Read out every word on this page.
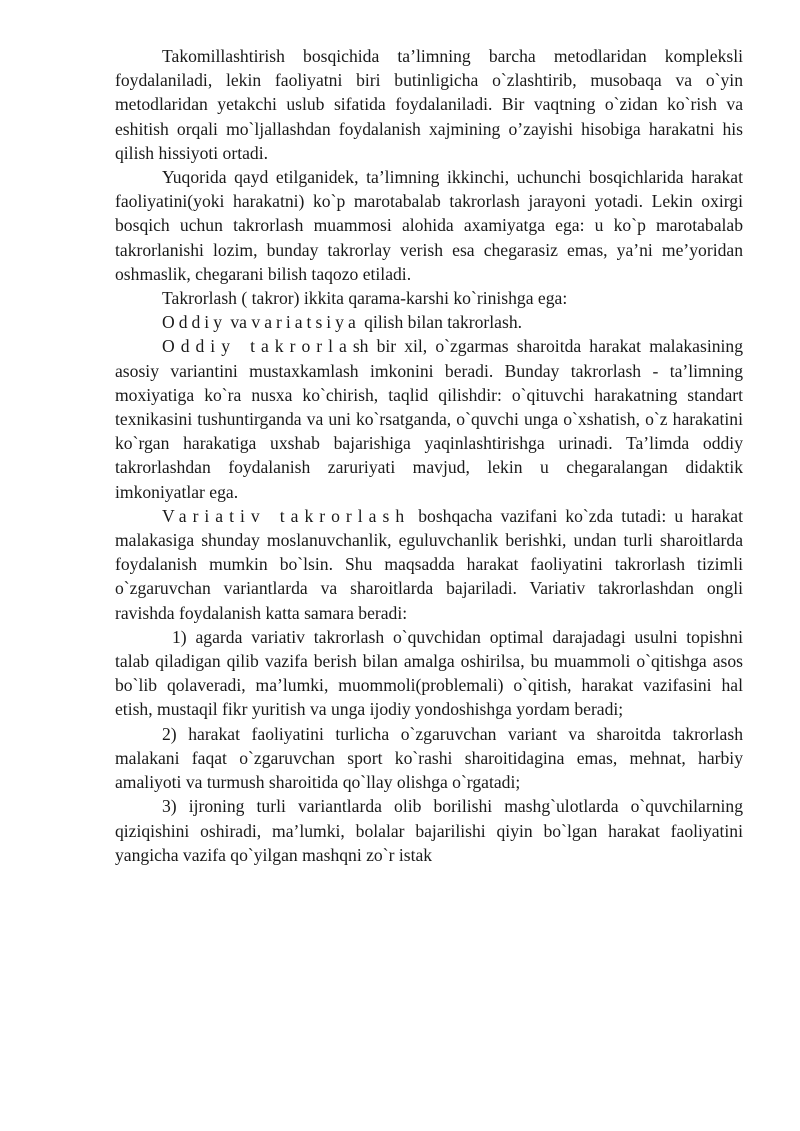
Takomillashtirish bosqichida ta’limning barcha metodlaridan kompleksli foydalaniladi, lekin faoliyatni biri butinligicha o`zlashtirib, musobaqa va o`yin metodlaridan yetakchi uslub sifatida foydalaniladi. Bir vaqtning o`zidan ko`rish va eshitish orqali mo`ljallashdan foydalanish xajmining o’zayishi hisobiga harakatni his qilish hissiyoti ortadi.

Yuqorida qayd etilganidek, ta’limning ikkinchi, uchunchi bosqichlarida harakat faoliyatini(yoki harakatni) ko`p marotabalab takrorlash jarayoni yotadi. Lekin oxirgi bosqich uchun takrorlash muammosi alohida axamiyatga ega: u ko`p marotabalab takrorlanishi lozim, bunday takrorlay verish esa chegarasiz emas, ya’ni me’yoridan oshmaslik, chegarani bilish taqozo etiladi.

Takrorlash ( takror) ikkita qarama-karshi ko`rinishga ega:

Oddiy va variatsiya qilish bilan takrorlash.

Oddiy takrorlash bir xil, o`zgarmas sharoitda harakat malakasining asosiy variantini mustaxkamlash imkonini beradi. Bunday takrorlash - ta’limning moxiyatiga ko`ra nusxa ko`chirish, taqlid qilishdir: o`qituvchi harakatning standart texnikasini tushuntirganda va uni ko`rsatganda, o`quvchi unga o`xshatish, o`z harakatini ko`rgan harakatiga uxshab bajarishiga yaqinlashtirishga urinadi. Ta’limda oddiy takrorlashdan foydalanish zaruriyati mavjud, lekin u chegaralangan didaktik imkoniyatlar ega.

Variativ takrorlash boshqacha vazifani ko`zda tutadi: u harakat malakasiga shunday moslanuvchanlik, eguluvchanlik berishki, undan turli sharoitlarda foydalanish mumkin bo`lsin. Shu maqsadda harakat faoliyatini takrorlash tizimli o`zgaruvchan variantlarda va sharoitlarda bajariladi. Variativ takrorlashdan ongli ravishda foydalanish katta samara beradi:

1) agarda variativ takrorlash o`quvchidan optimal darajadagi usulni topishni talab qiladigan qilib vazifa berish bilan amalga oshirilsa, bu muammoli o`qitishga asos bo`lib qolaveradi, ma’lumki, muommoli(problemali) o`qitish, harakat vazifasini hal etish, mustaqil fikr yuritish va unga ijodiy yondoshishga yordam beradi;

2) harakat faoliyatini turlicha o`zgaruvchan variant va sharoitda takrorlash malakani faqat o`zgaruvchan sport ko`rashi sharoitidagina emas, mehnat, harbiy amaliyoti va turmush sharoitida qo`llay olishga o`rgatadi;

3) ijroning turli variantlarda olib borilishi mashg`ulotlarda o`quvchilarning qiziqishini oshiradi, ma’lumki, bolalar bajarilishi qiyin bo`lgan harakat faoliyatini yangicha vazifa qo`yilgan mashqni zo`r istak
